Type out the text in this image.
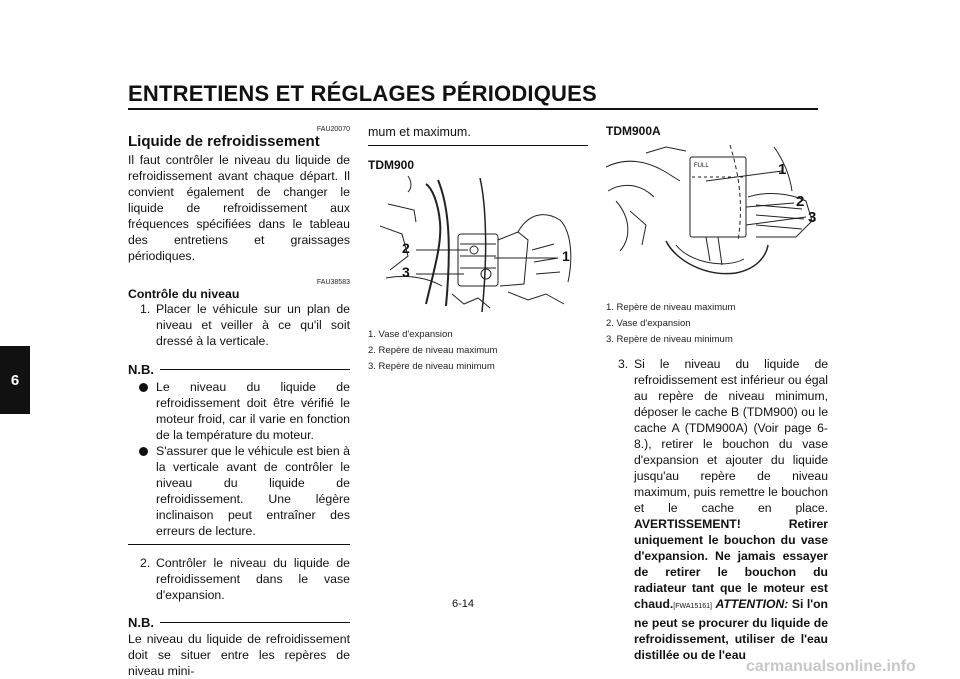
ENTRETIENS ET RÉGLAGES PÉRIODIQUES
6
FAU20070
Liquide de refroidissement
Il faut contrôler le niveau du liquide de refroidissement avant chaque départ. Il convient également de changer le liquide de refroidissement aux fréquences spécifiées dans le tableau des entretiens et graissages périodiques.
FAU38583
Contrôle du niveau
1. Placer le véhicule sur un plan de niveau et veiller à ce qu'il soit dressé à la verticale.
N.B.
Le niveau du liquide de refroidissement doit être vérifié le moteur froid, car il varie en fonction de la température du moteur.
S'assurer que le véhicule est bien à la verticale avant de contrôler le niveau du liquide de refroidissement. Une légère inclinaison peut entraîner des erreurs de lecture.
2. Contrôler le niveau du liquide de refroidissement dans le vase d'expansion.
N.B.
Le niveau du liquide de refroidissement doit se situer entre les repères de niveau mini-
mum et maximum.
TDM900
2
3
1
1. Vase d'expansion
2. Repère de niveau maximum
3. Repère de niveau minimum
TDM900A
FULL	1
2
3
1. Repère de niveau maximum
2. Vase d'expansion
3. Repère de niveau minimum
3. Si le niveau du liquide de refroidissement est inférieur ou égal au repère de niveau minimum, déposer le cache B (TDM900) ou le cache A (TDM900A) (Voir page 6-8.), retirer le bouchon du vase d'expansion et ajouter du liquide jusqu'au repère de niveau maximum, puis remettre le bouchon et le cache en place. AVERTISSEMENT! Retirer uniquement le bouchon du vase d'expansion. Ne jamais essayer de retirer le bouchon du radiateur tant que le moteur est chaud.[FWA15161] ATTENTION: Si l'on ne peut se procurer du liquide de refroidissement, utiliser de l'eau distillée ou de l'eau
6-14
carmanualsonline.info
